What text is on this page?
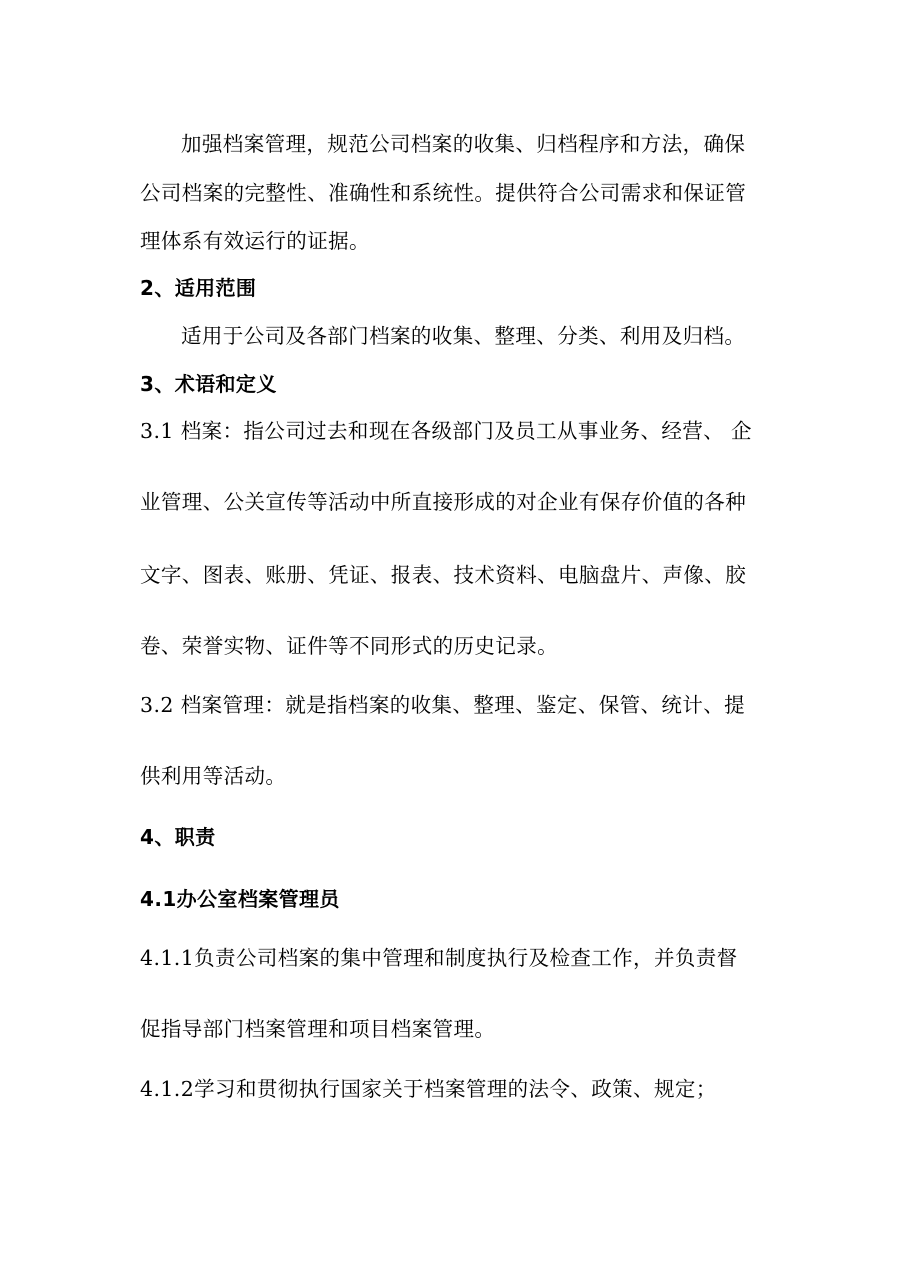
加强档案管理，规范公司档案的收集、归档程序和方法，确保
公司档案的完整性、准确性和系统性。提供符合公司需求和保证管
理体系有效运行的证据。
2、适用范围
适用于公司及各部门档案的收集、整理、分类、利用及归档。
3、术语和定义
3.1 档案：指公司过去和现在各级部门及员工从事业务、经营、 企
业管理、公关宣传等活动中所直接形成的对企业有保存价值的各种
文字、图表、账册、凭证、报表、技术资料、电脑盘片、声像、胶
卷、荣誉实物、证件等不同形式的历史记录。
3.2 档案管理：就是指档案的收集、整理、鉴定、保管、统计、提
供利用等活动。
4、职责
4.1办公室档案管理员
4.1.1负责公司档案的集中管理和制度执行及检查工作，并负责督
促指导部门档案管理和项目档案管理。
4.1.2学习和贯彻执行国家关于档案管理的法令、政策、规定；
